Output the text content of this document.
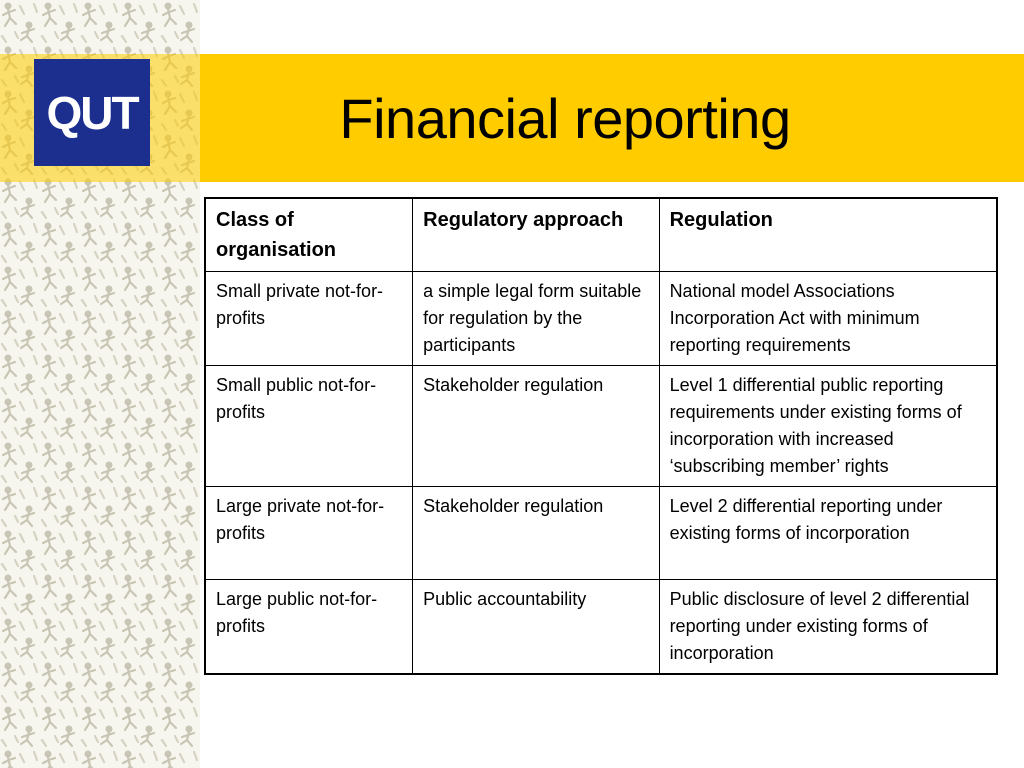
QUT	Financial reporting
Class of organisation	Regulatory approach	Regulation
Small private not-for-profits	a simple legal form suitable for regulation by the participants	National model Associations Incorporation Act with minimum reporting requirements
Small public not-for-profits	Stakeholder regulation	Level 1 differential public reporting requirements under existing forms of incorporation with increased ‘subscribing member’ rights
Large private not-for-profits	Stakeholder regulation	Level 2 differential reporting under existing forms of incorporation
Large public not-for-profits	Public accountability	Public disclosure of level 2 differential reporting under existing forms of incorporation
